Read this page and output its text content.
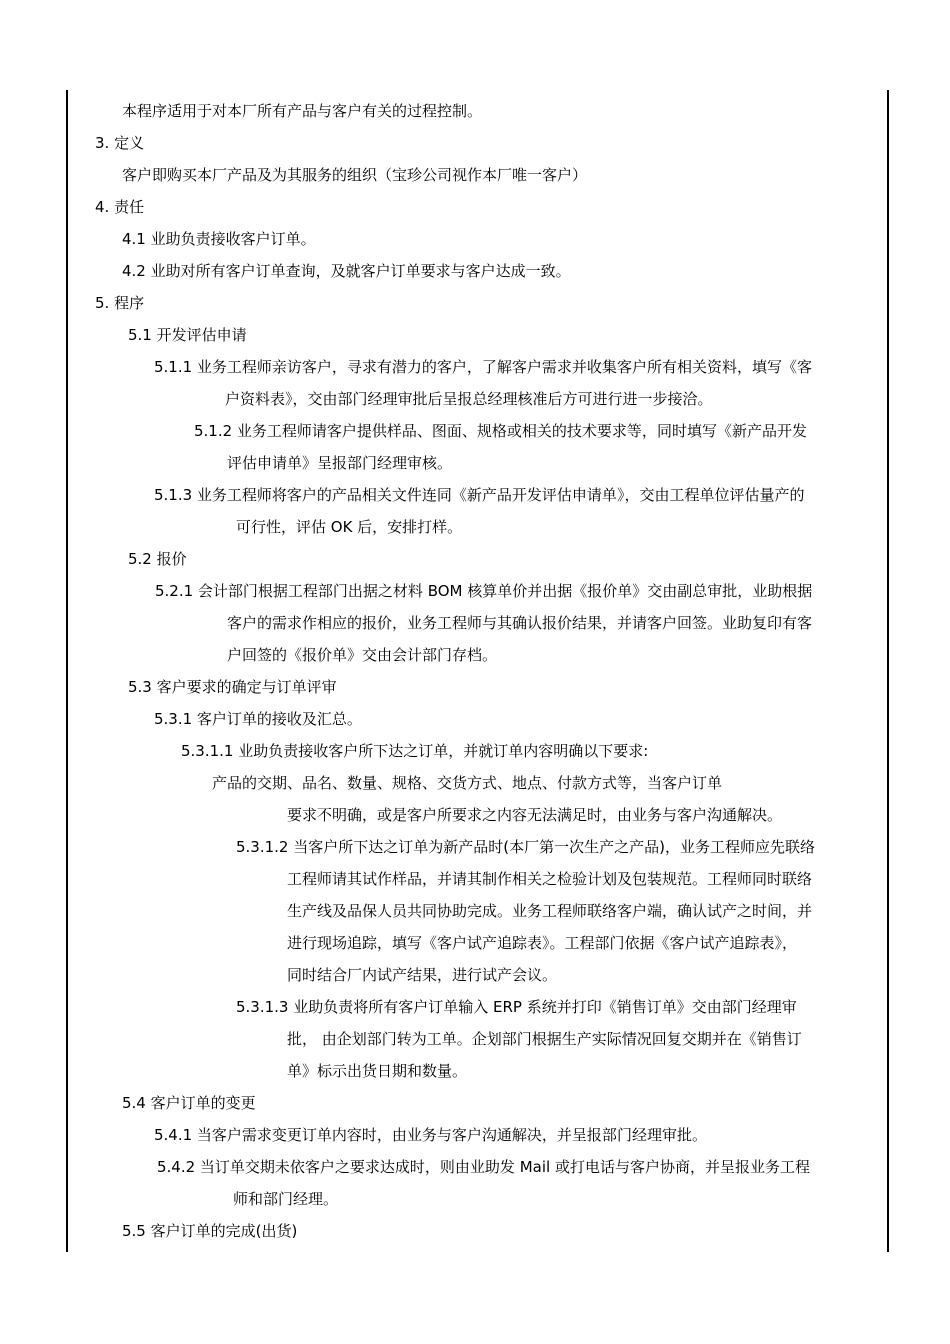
本程序适用于对本厂所有产品与客户有关的过程控制。
3. 定义
客户即购买本厂产品及为其服务的组织（宝珍公司视作本厂唯一客户）
4. 责任
4.1 业助负责接收客户订单。
4.2 业助对所有客户订单查询，及就客户订单要求与客户达成一致。
5. 程序
5.1 开发评估申请
5.1.1 业务工程师亲访客户，寻求有潜力的客户，了解客户需求并收集客户所有相关资料，填写《客
户资料表》，交由部门经理审批后呈报总经理核准后方可进行进一步接洽。
5.1.2 业务工程师请客户提供样品、图面、规格或相关的技术要求等，同时填写《新产品开发
评估申请单》呈报部门经理审核。
5.1.3 业务工程师将客户的产品相关文件连同《新产品开发评估申请单》，交由工程单位评估量产的
可行性，评估 OK 后，安排打样。
5.2 报价
5.2.1 会计部门根据工程部门出据之材料 BOM 核算单价并出据《报价单》交由副总审批，业助根据
客户的需求作相应的报价，业务工程师与其确认报价结果，并请客户回签。业助复印有客
户回签的《报价单》交由会计部门存档。
5.3 客户要求的确定与订单评审
5.3.1 客户订单的接收及汇总。
5.3.1.1 业助负责接收客户所下达之订单，并就订单内容明确以下要求:
产品的交期、品名、数量、规格、交货方式、地点、付款方式等，当客户订单
要求不明确，或是客户所要求之内容无法满足时，由业务与客户沟通解决。
5.3.1.2 当客户所下达之订单为新产品时(本厂第一次生产之产品)，业务工程师应先联络
工程师请其试作样品，并请其制作相关之检验计划及包装规范。工程师同时联络
生产线及品保人员共同协助完成。业务工程师联络客户端，确认试产之时间，并
进行现场追踪，填写《客户试产追踪表》。工程部门依据《客户试产追踪表》，
同时结合厂内试产结果，进行试产会议。
5.3.1.3 业助负责将所有客户订单输入 ERP 系统并打印《销售订单》交由部门经理审
批， 由企划部门转为工单。企划部门根据生产实际情况回复交期并在《销售订
单》标示出货日期和数量。
5.4 客户订单的变更
5.4.1 当客户需求变更订单内容时，由业务与客户沟通解决，并呈报部门经理审批。
5.4.2 当订单交期未依客户之要求达成时，则由业助发 Mail 或打电话与客户协商，并呈报业务工程
师和部门经理。
5.5 客户订单的完成(出货)
